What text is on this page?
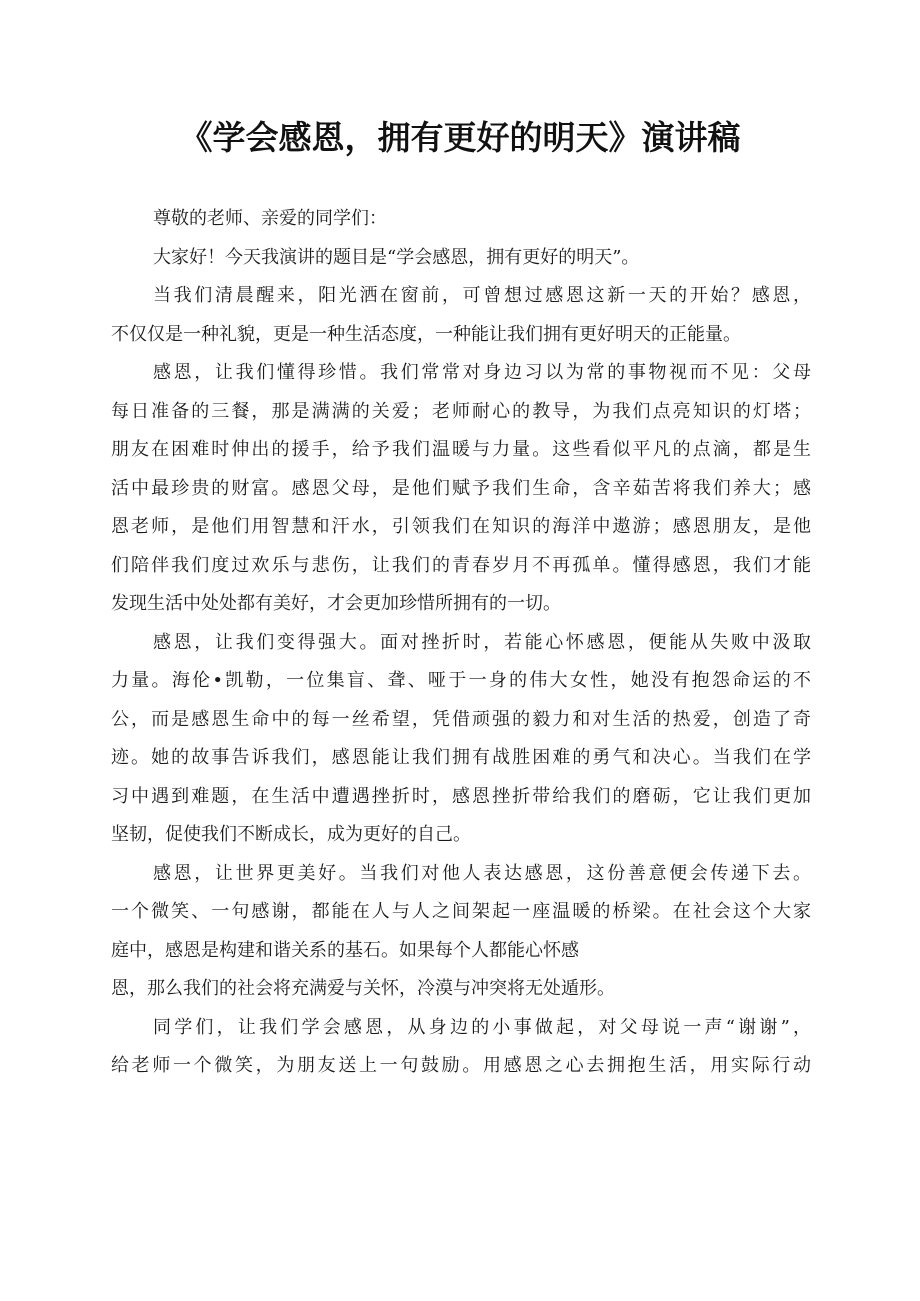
《学会感恩，拥有更好的明天》演讲稿
尊敬的老师、亲爱的同学们：
大家好！今天我演讲的题目是“学会感恩，拥有更好的明天”。
当我们清晨醒来，阳光洒在窗前，可曾想过感恩这新一天的开始？感恩，
不仅仅是一种礼貌，更是一种生活态度，一种能让我们拥有更好明天的正能量。
感恩，让我们懂得珍惜。我们常常对身边习以为常的事物视而不见：父母
每日准备的三餐，那是满满的关爱；老师耐心的教导，为我们点亮知识的灯塔；
朋友在困难时伸出的援手，给予我们温暖与力量。这些看似平凡的点滴，都是生
活中最珍贵的财富。感恩父母，是他们赋予我们生命，含辛茹苦将我们养大；感
恩老师，是他们用智慧和汗水，引领我们在知识的海洋中遨游；感恩朋友，是他
们陪伴我们度过欢乐与悲伤，让我们的青春岁月不再孤单。懂得感恩，我们才能
发现生活中处处都有美好，才会更加珍惜所拥有的一切。
感恩，让我们变得强大。面对挫折时，若能心怀感恩，便能从失败中汲取
力量。海伦•凯勒，一位集盲、聋、哑于一身的伟大女性，她没有抱怨命运的不
公，而是感恩生命中的每一丝希望，凭借顽强的毅力和对生活的热爱，创造了奇
迹。她的故事告诉我们，感恩能让我们拥有战胜困难的勇气和决心。当我们在学
习中遇到难题，在生活中遭遇挫折时，感恩挫折带给我们的磨砺，它让我们更加
坚韧，促使我们不断成长，成为更好的自己。
感恩，让世界更美好。当我们对他人表达感恩，这份善意便会传递下去。
一个微笑、一句感谢，都能在人与人之间架起一座温暖的桥梁。在社会这个大家
庭中，感恩是构建和谐关系的基石。如果每个人都能心怀感
恩，那么我们的社会将充满爱与关怀，冷漠与冲突将无处遁形。
同学们，让我们学会感恩，从身边的小事做起，对父母说一声“谢谢”，
给老师一个微笑，为朋友送上一句鼓励。用感恩之心去拥抱生活，用实际行动
